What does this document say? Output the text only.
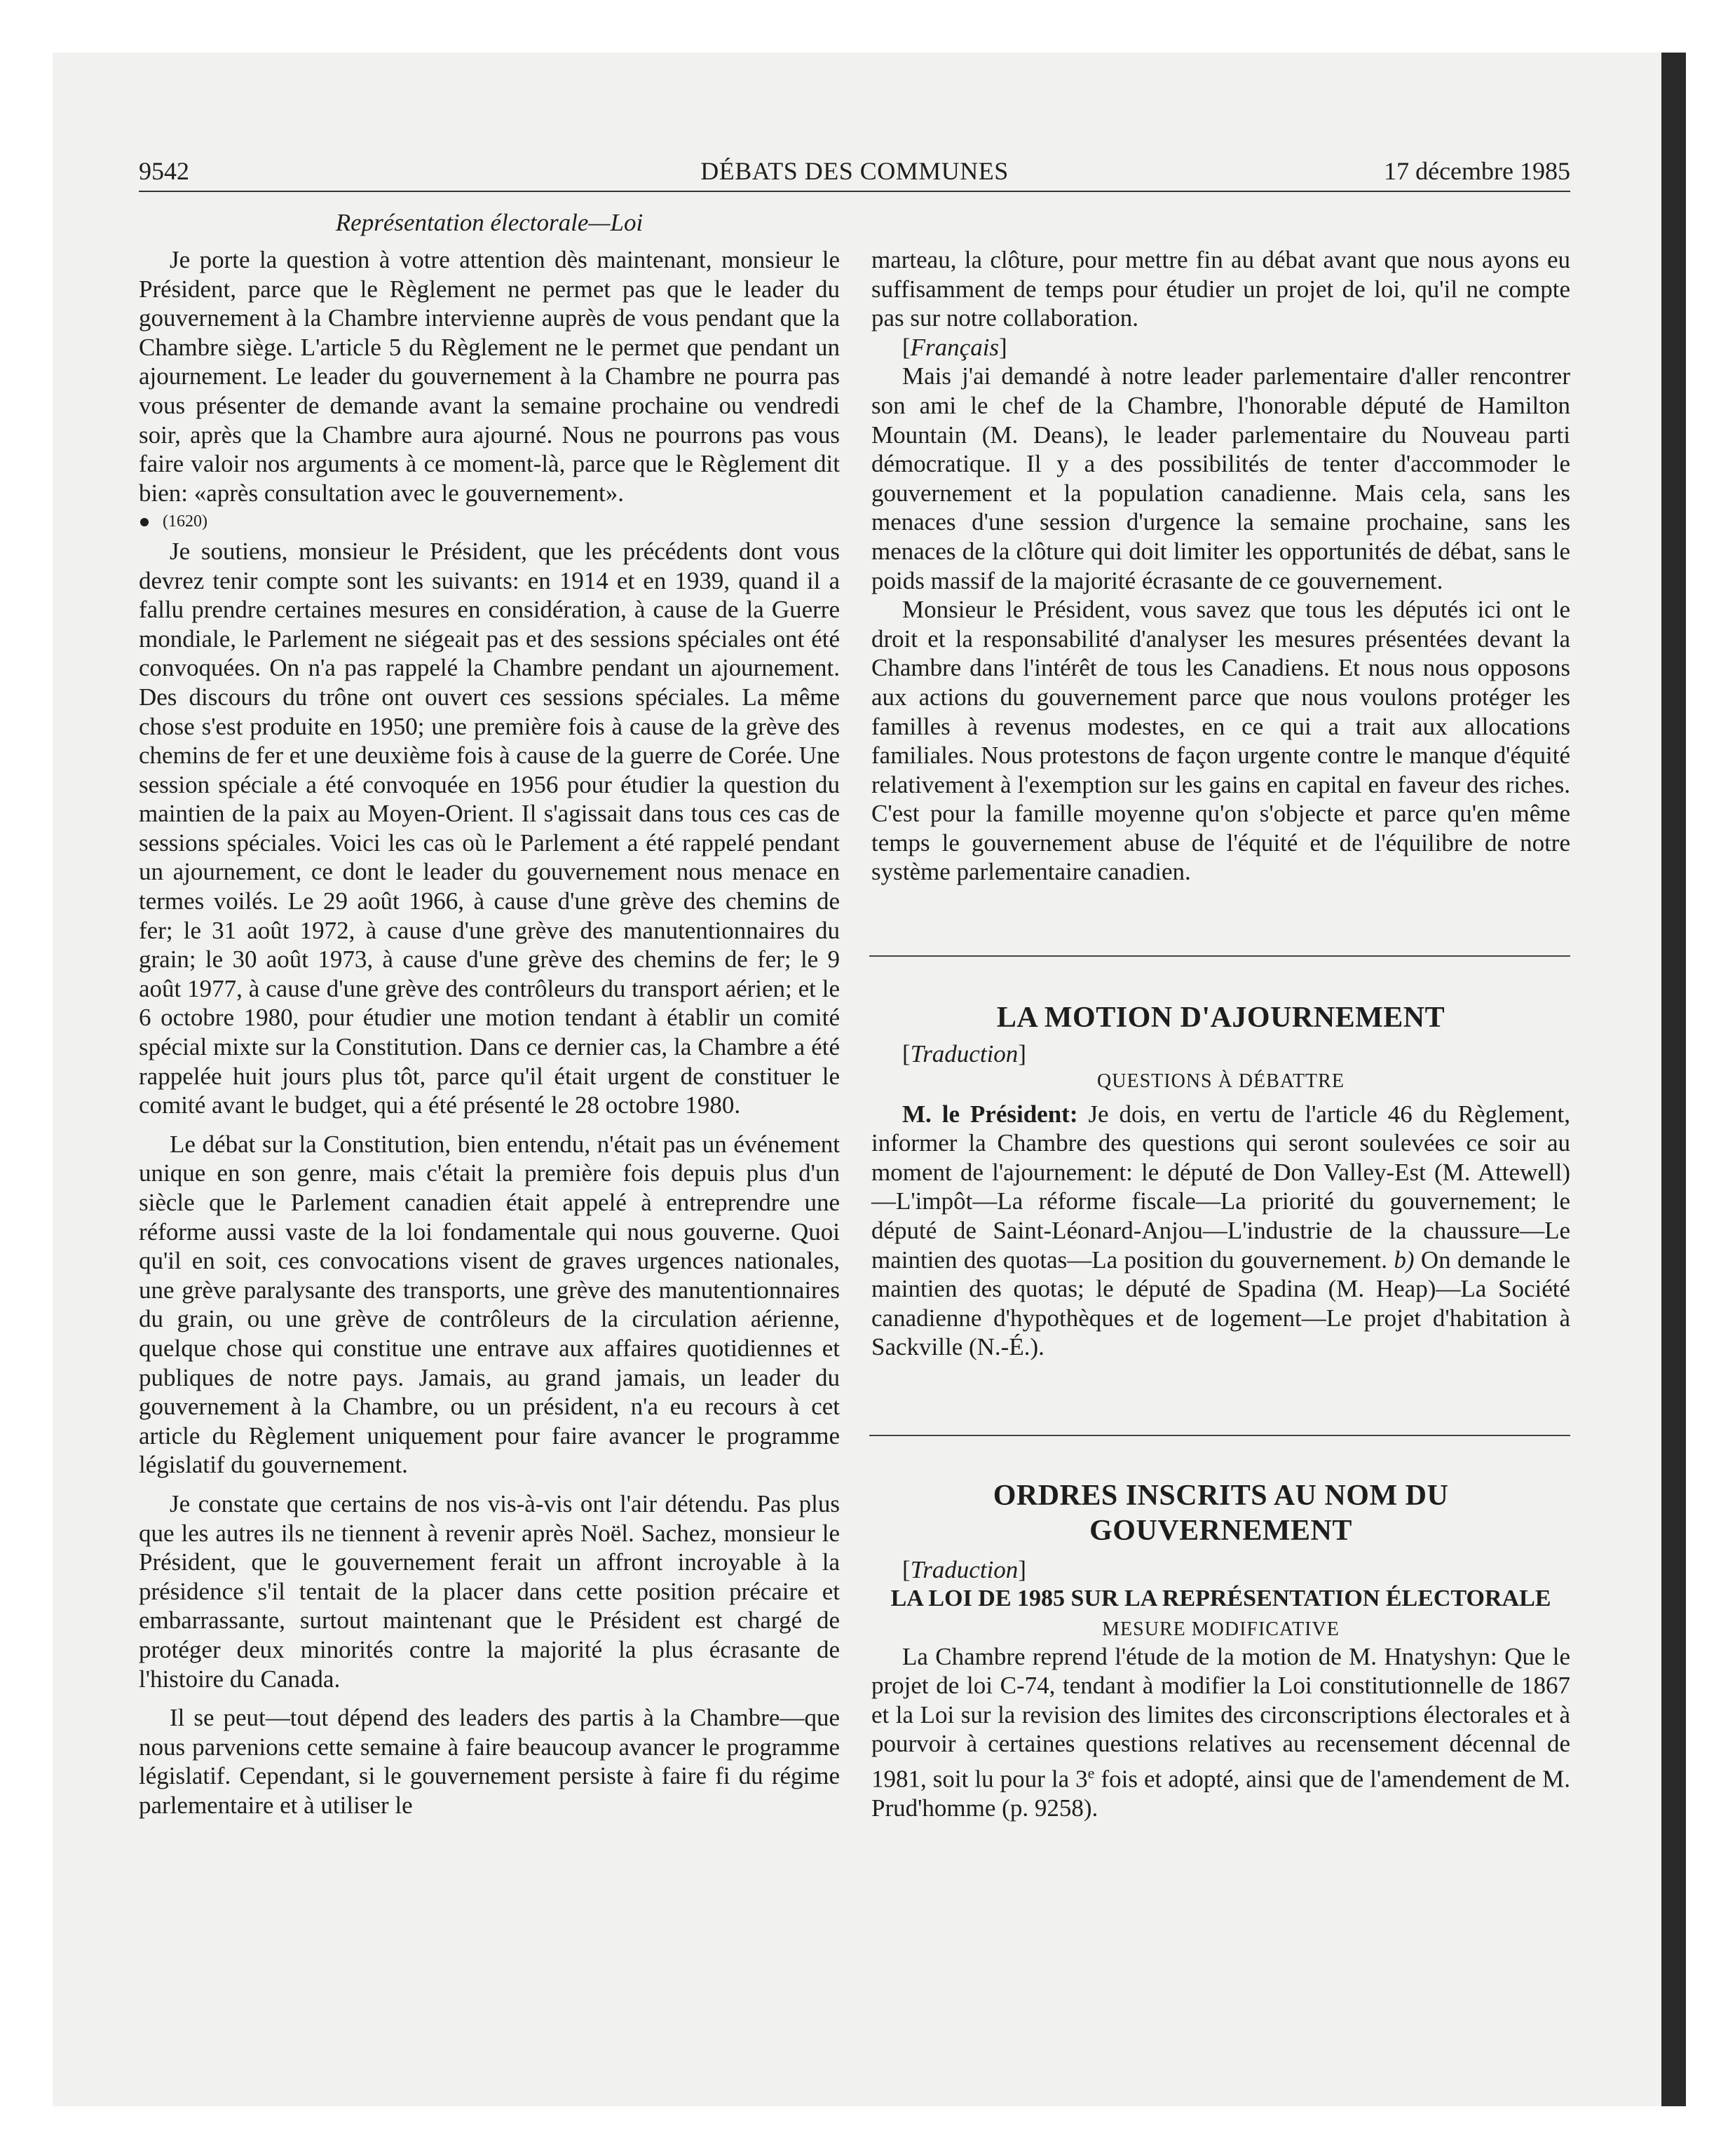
9542	DÉBATS DES COMMUNES	17 décembre 1985
Représentation électorale—Loi

Je porte la question à votre attention dès maintenant, monsieur le Président, parce que le Règlement ne permet pas que le leader du gouvernement à la Chambre intervienne auprès de vous pendant que la Chambre siège. L'article 5 du Règlement ne le permet que pendant un ajournement. Le leader du gouvernement à la Chambre ne pourra pas vous présenter de demande avant la semaine prochaine ou vendredi soir, après que la Chambre aura ajourné. Nous ne pourrons pas vous faire valoir nos arguments à ce moment-là, parce que le Règlement dit bien: «après consultation avec le gouvernement».

(1620)

Je soutiens, monsieur le Président, que les précédents dont vous devrez tenir compte sont les suivants: en 1914 et en 1939, quand il a fallu prendre certaines mesures en considération, à cause de la Guerre mondiale, le Parlement ne siégeait pas et des sessions spéciales ont été convoquées. On n'a pas rappelé la Chambre pendant un ajournement. Des discours du trône ont ouvert ces sessions spéciales. La même chose s'est produite en 1950; une première fois à cause de la grève des chemins de fer et une deuxième fois à cause de la guerre de Corée. Une session spéciale a été convoquée en 1956 pour étudier la question du maintien de la paix au Moyen-Orient. Il s'agissait dans tous ces cas de sessions spéciales. Voici les cas où le Parlement a été rappelé pendant un ajournement, ce dont le leader du gouvernement nous menace en termes voilés. Le 29 août 1966, à cause d'une grève des chemins de fer; le 31 août 1972, à cause d'une grève des manutentionnaires du grain; le 30 août 1973, à cause d'une grève des chemins de fer; le 9 août 1977, à cause d'une grève des contrôleurs du transport aérien; et le 6 octobre 1980, pour étudier une motion tendant à établir un comité spécial mixte sur la Constitution. Dans ce dernier cas, la Chambre a été rappelée huit jours plus tôt, parce qu'il était urgent de constituer le comité avant le budget, qui a été présenté le 28 octobre 1980.

Le débat sur la Constitution, bien entendu, n'était pas un événement unique en son genre, mais c'était la première fois depuis plus d'un siècle que le Parlement canadien était appelé à entreprendre une réforme aussi vaste de la loi fondamentale qui nous gouverne. Quoi qu'il en soit, ces convocations visent de graves urgences nationales, une grève paralysante des transports, une grève des manutentionnaires du grain, ou une grève de contrôleurs de la circulation aérienne, quelque chose qui constitue une entrave aux affaires quotidiennes et publiques de notre pays. Jamais, au grand jamais, un leader du gouvernement à la Chambre, ou un président, n'a eu recours à cet article du Règlement uniquement pour faire avancer le programme législatif du gouvernement.

Je constate que certains de nos vis-à-vis ont l'air détendu. Pas plus que les autres ils ne tiennent à revenir après Noël. Sachez, monsieur le Président, que le gouvernement ferait un affront incroyable à la présidence s'il tentait de la placer dans cette position précaire et embarrassante, surtout maintenant que le Président est chargé de protéger deux minorités contre la majorité la plus écrasante de l'histoire du Canada.

Il se peut—tout dépend des leaders des partis à la Chambre—que nous parvenions cette semaine à faire beaucoup avancer le programme législatif. Cependant, si le gouvernement persiste à faire fi du régime parlementaire et à utiliser le

marteau, la clôture, pour mettre fin au débat avant que nous ayons eu suffisamment de temps pour étudier un projet de loi, qu'il ne compte pas sur notre collaboration.

[Français]

Mais j'ai demandé à notre leader parlementaire d'aller rencontrer son ami le chef de la Chambre, l'honorable député de Hamilton Mountain (M. Deans), le leader parlementaire du Nouveau parti démocratique. Il y a des possibilités de tenter d'accommoder le gouvernement et la population canadienne. Mais cela, sans les menaces d'une session d'urgence la semaine prochaine, sans les menaces de la clôture qui doit limiter les opportunités de débat, sans le poids massif de la majorité écrasante de ce gouvernement.

Monsieur le Président, vous savez que tous les députés ici ont le droit et la responsabilité d'analyser les mesures présentées devant la Chambre dans l'intérêt de tous les Canadiens. Et nous nous opposons aux actions du gouvernement parce que nous voulons protéger les familles à revenus modestes, en ce qui a trait aux allocations familiales. Nous protestons de façon urgente contre le manque d'équité relativement à l'exemption sur les gains en capital en faveur des riches. C'est pour la famille moyenne qu'on s'objecte et parce qu'en même temps le gouvernement abuse de l'équité et de l'équilibre de notre système parlementaire canadien.

LA MOTION D'AJOURNEMENT

[Traduction]

QUESTIONS À DÉBATTRE

M. le Président: Je dois, en vertu de l'article 46 du Règlement, informer la Chambre des questions qui seront soulevées ce soir au moment de l'ajournement: le député de Don Valley-Est (M. Attewell)—L'impôt—La réforme fiscale—La priorité du gouvernement; le député de Saint-Léonard-Anjou—L'industrie de la chaussure—Le maintien des quotas—La position du gouvernement. b) On demande le maintien des quotas; le député de Spadina (M. Heap)—La Société canadienne d'hypothèques et de logement—Le projet d'habitation à Sackville (N.-É.).

ORDRES INSCRITS AU NOM DU GOUVERNEMENT

[Traduction]

LA LOI DE 1985 SUR LA REPRÉSENTATION ÉLECTORALE
MESURE MODIFICATIVE

La Chambre reprend l'étude de la motion de M. Hnatyshyn: Que le projet de loi C-74, tendant à modifier la Loi constitutionnelle de 1867 et la Loi sur la revision des limites des circonscriptions électorales et à pourvoir à certaines questions relatives au recensement décennal de 1981, soit lu pour la 3e fois et adopté, ainsi que de l'amendement de M. Prud'homme (p. 9258).
